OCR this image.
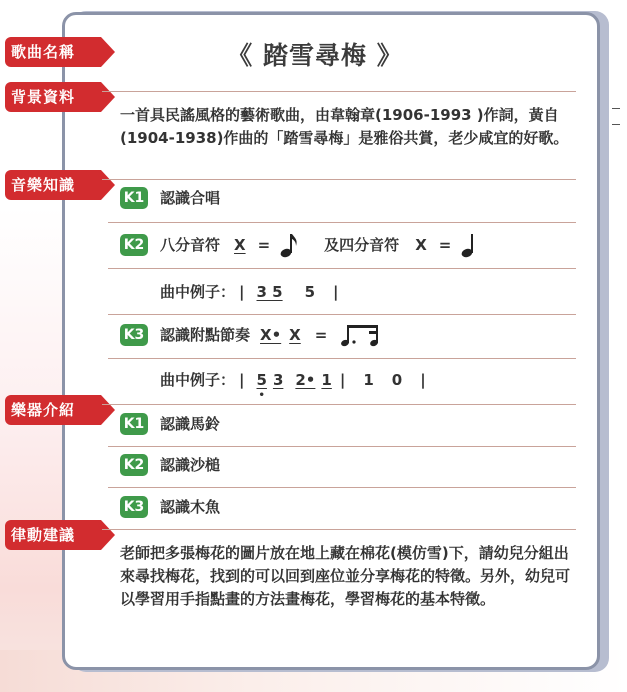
《 踏雪尋梅 》
歌曲名稱
背景資料
音樂知識
樂器介紹
律動建議
一首具民謠風格的藝術歌曲，由韋翰章(1906-1993 )作詞，黃自(1904-1938)作曲的「踏雪尋梅」是雅俗共賞，老少咸宜的好歌。
K1 認識合唱
K2 八分音符 X =	及四分音符 X =
曲中例子： | 3 5 5 |
K3 認識附點節奏 X• X =
曲中例子： | 5
•
3 2• 1 | 1 0 |
K1 認識馬鈴
K2 認識沙槌
K3 認識木魚
老師把多張梅花的圖片放在地上藏在棉花(模仿雪)下，請幼兒分組出來尋找梅花，找到的可以回到座位並分享梅花的特徵。另外，幼兒可以學習用手指點畫的方法畫梅花，學習梅花的基本特徵。
